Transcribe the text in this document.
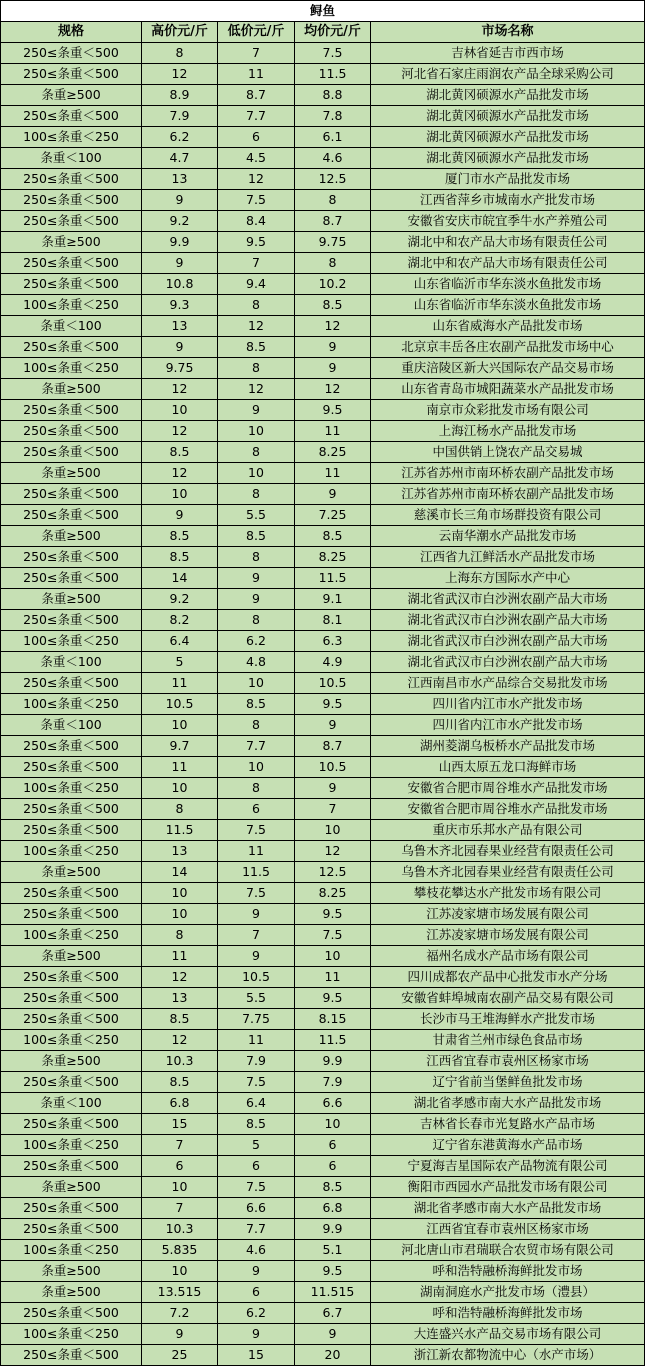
鲟鱼				
规格	高价元/斤	低价元/斤	均价元/斤	市场名称
250≤条重＜500	8	7	7.5	吉林省延吉市西市场
250≤条重＜500	12	11	11.5	河北省石家庄雨润农产品全球采购公司
条重≥500	8.9	8.7	8.8	湖北黄冈硕源水产品批发市场
250≤条重＜500	7.9	7.7	7.8	湖北黄冈硕源水产品批发市场
100≤条重＜250	6.2	6	6.1	湖北黄冈硕源水产品批发市场
条重＜100	4.7	4.5	4.6	湖北黄冈硕源水产品批发市场
250≤条重＜500	13	12	12.5	厦门市水产品批发市场
250≤条重＜500	9	7.5	8	江西省萍乡市城南水产批发市场
250≤条重＜500	9.2	8.4	8.7	安徽省安庆市皖宜季牛水产养殖公司
条重≥500	9.9	9.5	9.75	湖北中和农产品大市场有限责任公司
250≤条重＜500	9	7	8	湖北中和农产品大市场有限责任公司
250≤条重＜500	10.8	9.4	10.2	山东省临沂市华东淡水鱼批发市场
100≤条重＜250	9.3	8	8.5	山东省临沂市华东淡水鱼批发市场
条重＜100	13	12	12	山东省威海水产品批发市场
250≤条重＜500	9	8.5	9	北京京丰岳各庄农副产品批发市场中心
100≤条重＜250	9.75	8	9	重庆涪陵区新大兴国际农产品交易市场
条重≥500	12	12	12	山东省青岛市城阳蔬菜水产品批发市场
250≤条重＜500	10	9	9.5	南京市众彩批发市场有限公司
250≤条重＜500	12	10	11	上海江杨水产品批发市场
250≤条重＜500	8.5	8	8.25	中国供销上饶农产品交易城
条重≥500	12	10	11	江苏省苏州市南环桥农副产品批发市场
250≤条重＜500	10	8	9	江苏省苏州市南环桥农副产品批发市场
250≤条重＜500	9	5.5	7.25	慈溪市长三角市场群投资有限公司
条重≥500	8.5	8.5	8.5	云南华潮水产品批发市场
250≤条重＜500	8.5	8	8.25	江西省九江鲜活水产品批发市场
250≤条重＜500	14	9	11.5	上海东方国际水产中心
条重≥500	9.2	9	9.1	湖北省武汉市白沙洲农副产品大市场
250≤条重＜500	8.2	8	8.1	湖北省武汉市白沙洲农副产品大市场
100≤条重＜250	6.4	6.2	6.3	湖北省武汉市白沙洲农副产品大市场
条重＜100	5	4.8	4.9	湖北省武汉市白沙洲农副产品大市场
250≤条重＜500	11	10	10.5	江西南昌市水产品综合交易批发市场
100≤条重＜250	10.5	8.5	9.5	四川省内江市水产批发市场
条重＜100	10	8	9	四川省内江市水产批发市场
250≤条重＜500	9.7	7.7	8.7	湖州菱湖乌板桥水产品批发市场
250≤条重＜500	11	10	10.5	山西太原五龙口海鲜市场
100≤条重＜250	10	8	9	安徽省合肥市周谷堆水产品批发市场
250≤条重＜500	8	6	7	安徽省合肥市周谷堆水产品批发市场
250≤条重＜500	11.5	7.5	10	重庆市乐邦水产品有限公司
100≤条重＜250	13	11	12	乌鲁木齐北园春果业经营有限责任公司
条重≥500	14	11.5	12.5	乌鲁木齐北园春果业经营有限责任公司
250≤条重＜500	10	7.5	8.25	攀枝花攀达水产批发市场有限公司
250≤条重＜500	10	9	9.5	江苏凌家塘市场发展有限公司
100≤条重＜250	8	7	7.5	江苏凌家塘市场发展有限公司
条重≥500	11	9	10	福州名成水产品市场有限公司
250≤条重＜500	12	10.5	11	四川成都农产品中心批发市水产分场
250≤条重＜500	13	5.5	9.5	安徽省蚌埠城南农副产品交易有限公司
250≤条重＜500	8.5	7.75	8.15	长沙市马王堆海鲜水产批发市场
100≤条重＜250	12	11	11.5	甘肃省兰州市绿色食品市场
条重≥500	10.3	7.9	9.9	江西省宜春市袁州区杨家市场
250≤条重＜500	8.5	7.5	7.9	辽宁省前当堡鲜鱼批发市场
条重＜100	6.8	6.4	6.6	湖北省孝感市南大水产品批发市场
250≤条重＜500	15	8.5	10	吉林省长春市光复路水产品市场
100≤条重＜250	7	5	6	辽宁省东港黄海水产品市场
250≤条重＜500	6	6	6	宁夏海吉星国际农产品物流有限公司
条重≥500	10	7.5	8.5	衡阳市西园水产品批发市场有限公司
250≤条重＜500	7	6.6	6.8	湖北省孝感市南大水产品批发市场
250≤条重＜500	10.3	7.7	9.9	江西省宜春市袁州区杨家市场
100≤条重＜250	5.835	4.6	5.1	河北唐山市君瑞联合农贸市场有限公司
条重≥500	10	9	9.5	呼和浩特融桥海鲜批发市场
条重≥500	13.515	6	11.515	湖南洞庭水产批发市场（澧县）
250≤条重＜500	7.2	6.2	6.7	呼和浩特融桥海鲜批发市场
100≤条重＜250	9	9	9	大连盛兴水产品交易市场有限公司
250≤条重＜500	25	15	20	浙江新农都物流中心（水产市场）
